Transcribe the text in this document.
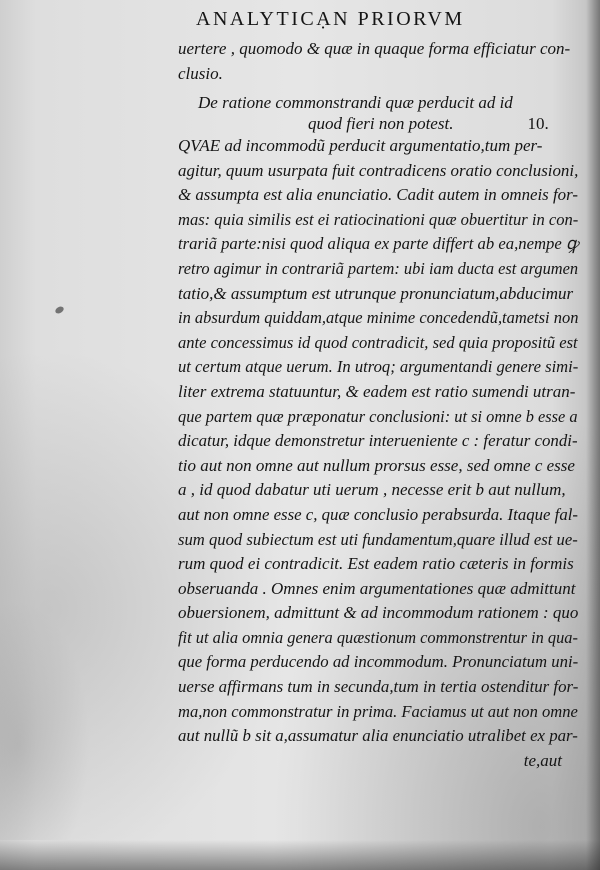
ANALYTICẠN PRIORVM
uertere , quomodo & quæ in quaque forma efficiatur con-
clusio.
De ratione commonstrandi quæ perducit ad id
quod fieri non potest.	10.
QVAE ad incommodũ perducit argumentatio,tum per-
agitur, quum usurpata fuit contradicens oratio conclusioni,
& assumpta est alia enunciatio. Cadit autem in omneis for-
mas: quia similis est ei ratiocinationi quæ obuertitur in con-
trariã parte:nisi quod aliqua ex parte differt ab ea,nempe ꝙ
retro agimur in contrariã partem: ubi iam ducta est argumen
tatio,& assumptum est utrunque pronunciatum,abducimur
in absurdum quiddam,atque minime concedendũ,tametsi non
ante concessimus id quod contradicit, sed quia propositũ est
ut certum atque uerum. In utroq; argumentandi genere simi-
liter extrema statuuntur, & eadem est ratio sumendi utran-
que partem quæ præponatur conclusioni: ut si omne b esse a
dicatur, idque demonstretur interueniente c : feratur condi-
tio aut non omne aut nullum prorsus esse, sed omne c esse
a , id quod dabatur uti uerum , necesse erit b aut nullum,
aut non omne esse c, quæ conclusio perabsurda. Itaque fal-
sum quod subiectum est uti fundamentum,quare illud est ue-
rum quod ei contradicit. Est eadem ratio cæteris in formis
obseruanda . Omnes enim argumentationes quæ admittunt
obuersionem, admittunt & ad incommodum rationem : quo
fit ut alia omnia genera quæstionum commonstrentur in qua-
que forma perducendo ad incommodum. Pronunciatum uni-
uerse affirmans tum in secunda,tum in tertia ostenditur for-
ma,non commonstratur in prima. Faciamus ut aut non omne
aut nullũ b sit a,assumatur alia enunciatio utralibet ex par-
te,aut
